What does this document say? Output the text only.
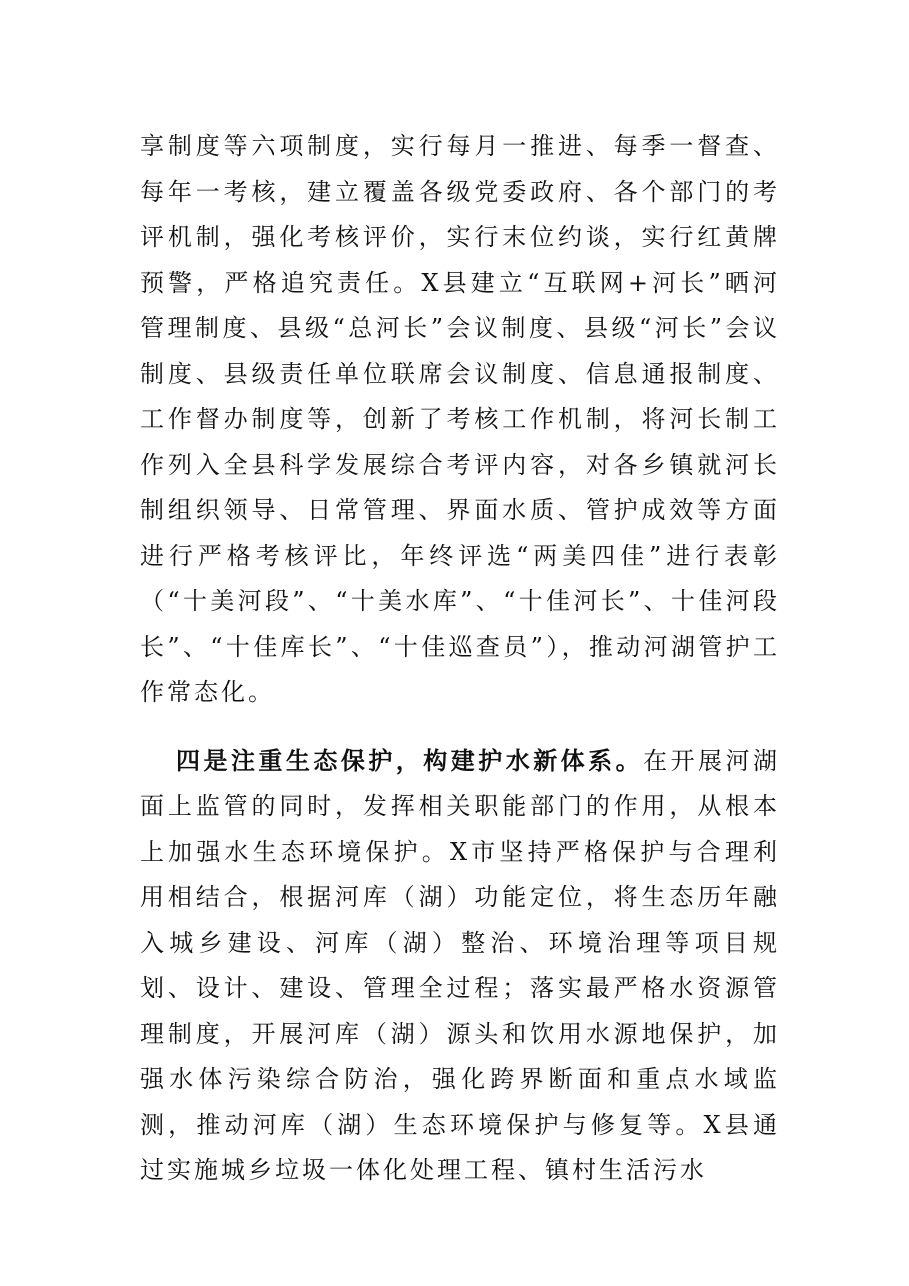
享制度等六项制度，实行每月一推进、每季一督查、每年一考核，建立覆盖各级党委政府、各个部门的考评机制，强化考核评价，实行末位约谈，实行红黄牌预警，严格追究责任。X县建立“互联网+河长”晒河管理制度、县级“总河长”会议制度、县级“河长”会议制度、县级责任单位联席会议制度、信息通报制度、工作督办制度等，创新了考核工作机制，将河长制工作列入全县科学发展综合考评内容，对各乡镇就河长制组织领导、日常管理、界面水质、管护成效等方面进行严格考核评比，年终评选“两美四佳”进行表彰（“十美河段”、“十美水库”、“十佳河长”、十佳河段长”、“十佳库长”、“十佳巡查员”），推动河湖管护工作常态化。

四是注重生态保护，构建护水新体系。在开展河湖面上监管的同时，发挥相关职能部门的作用，从根本上加强水生态环境保护。X市坚持严格保护与合理利用相结合，根据河库（湖）功能定位，将生态历年融入城乡建设、河库（湖）整治、环境治理等项目规划、设计、建设、管理全过程；落实最严格水资源管理制度，开展河库（湖）源头和饮用水源地保护，加强水体污染综合防治，强化跨界断面和重点水域监测，推动河库（湖）生态环境保护与修复等。X县通过实施城乡垃圾一体化处理工程、镇村生活污水
